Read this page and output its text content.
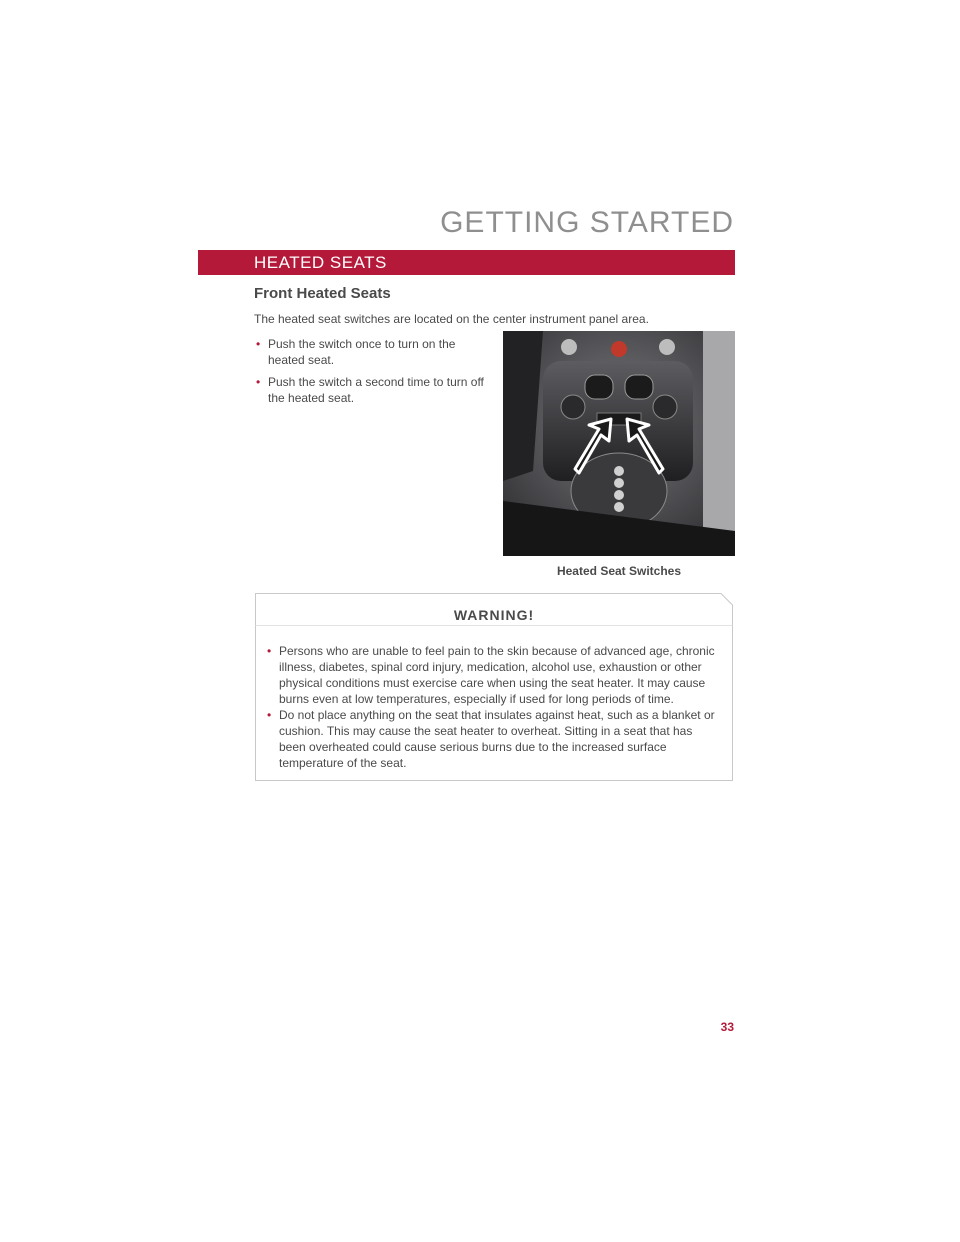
GETTING STARTED
HEATED SEATS
Front Heated Seats
The heated seat switches are located on the center instrument panel area.
• Push the switch once to turn on the heated seat.
• Push the switch a second time to turn off the heated seat.
Heated Seat Switches
WARNING!
• Persons who are unable to feel pain to the skin because of advanced age, chronic illness, diabetes, spinal cord injury, medication, alcohol use, exhaustion or other physical conditions must exercise care when using the seat heater. It may cause burns even at low temperatures, especially if used for long periods of time.
• Do not place anything on the seat that insulates against heat, such as a blanket or cushion. This may cause the seat heater to overheat. Sitting in a seat that has been overheated could cause serious burns due to the increased surface temperature of the seat.
33
